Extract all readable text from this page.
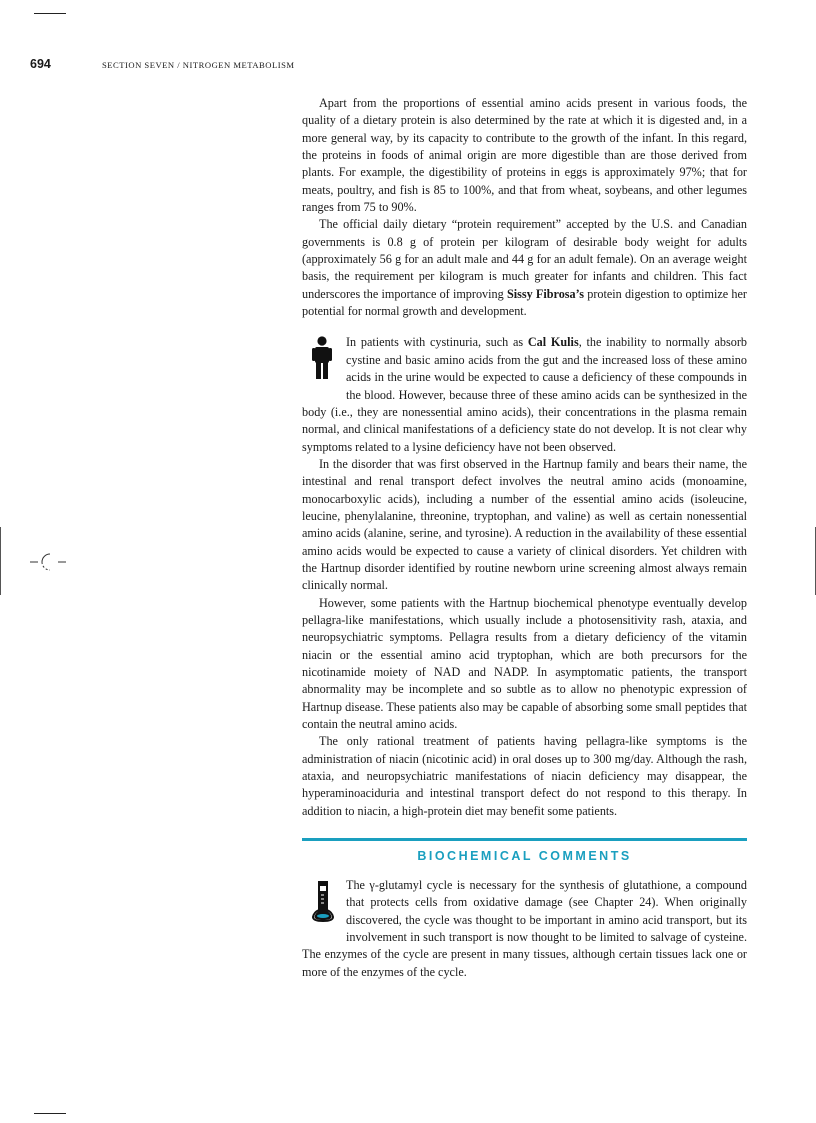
694	SECTION SEVEN / NITROGEN METABOLISM

Apart from the proportions of essential amino acids present in various foods, the quality of a dietary protein is also determined by the rate at which it is digested and, in a more general way, by its capacity to contribute to the growth of the infant. In this regard, the proteins in foods of animal origin are more digestible than are those derived from plants. For example, the digestibility of proteins in eggs is approximately 97%; that for meats, poultry, and fish is 85 to 100%, and that from wheat, soybeans, and other legumes ranges from 75 to 90%.

The official daily dietary “protein requirement” accepted by the U.S. and Canadian governments is 0.8 g of protein per kilogram of desirable body weight for adults (approximately 56 g for an adult male and 44 g for an adult female). On an average weight basis, the requirement per kilogram is much greater for infants and children. This fact underscores the importance of improving Sissy Fibrosa’s protein digestion to optimize her potential for normal growth and development.

In patients with cystinuria, such as Cal Kulis, the inability to normally absorb cystine and basic amino acids from the gut and the increased loss of these amino acids in the urine would be expected to cause a deficiency of these compounds in the blood. However, because three of these amino acids can be synthesized in the body (i.e., they are nonessential amino acids), their concentrations in the plasma remain normal, and clinical manifestations of a deficiency state do not develop. It is not clear why symptoms related to a lysine deficiency have not been observed.

In the disorder that was first observed in the Hartnup family and bears their name, the intestinal and renal transport defect involves the neutral amino acids (monoamine, monocarboxylic acids), including a number of the essential amino acids (isoleucine, leucine, phenylalanine, threonine, tryptophan, and valine) as well as certain nonessential amino acids (alanine, serine, and tyrosine). A reduction in the availability of these essential amino acids would be expected to cause a variety of clinical disorders. Yet children with the Hartnup disorder identified by routine newborn urine screening almost always remain clinically normal.

However, some patients with the Hartnup biochemical phenotype eventually develop pellagra-like manifestations, which usually include a photosensitivity rash, ataxia, and neuropsychiatric symptoms. Pellagra results from a dietary deficiency of the vitamin niacin or the essential amino acid tryptophan, which are both precursors for the nicotinamide moiety of NAD and NADP. In asymptomatic patients, the transport abnormality may be incomplete and so subtle as to allow no phenotypic expression of Hartnup disease. These patients also may be capable of absorbing some small peptides that contain the neutral amino acids.

The only rational treatment of patients having pellagra-like symptoms is the administration of niacin (nicotinic acid) in oral doses up to 300 mg/day. Although the rash, ataxia, and neuropsychiatric manifestations of niacin deficiency may disappear, the hyperaminoaciduria and intestinal transport defect do not respond to this therapy. In addition to niacin, a high-protein diet may benefit some patients.

BIOCHEMICAL COMMENTS

The γ-glutamyl cycle is necessary for the synthesis of glutathione, a compound that protects cells from oxidative damage (see Chapter 24). When originally discovered, the cycle was thought to be important in amino acid transport, but its involvement in such transport is now thought to be limited to salvage of cysteine. The enzymes of the cycle are present in many tissues, although certain tissues lack one or more of the enzymes of the cycle.
